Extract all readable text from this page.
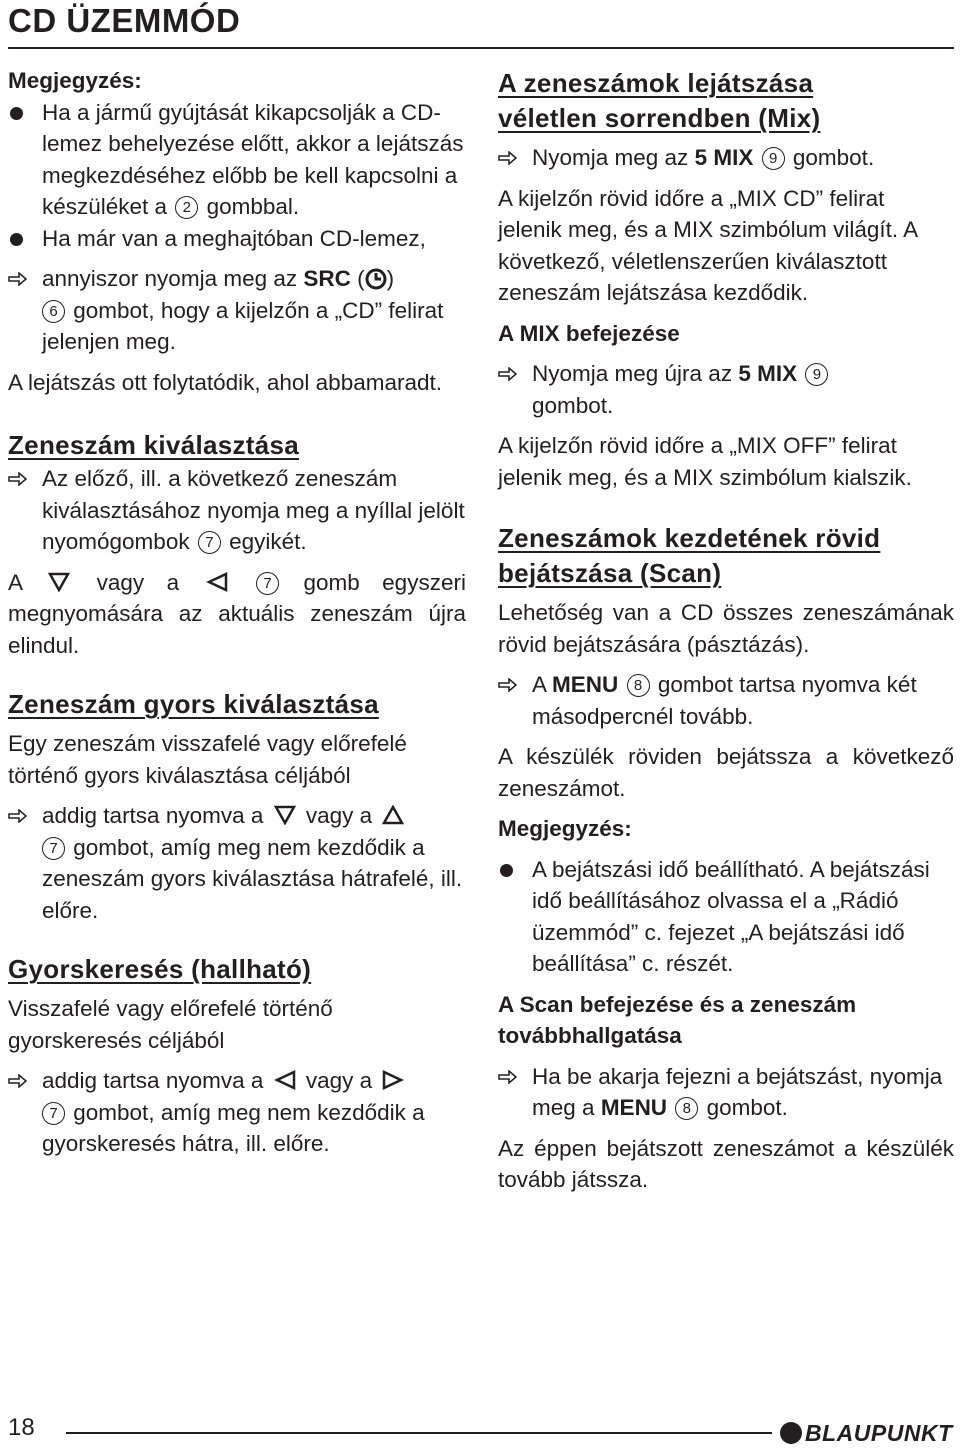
CD ÜZEMMÓD
Megjegyzés:
Ha a jármű gyújtását kikapcsolják a CD-lemez behelyezése előtt, akkor a lejátszás megkezdéséhez előbb be kell kapcsolni a készüléket a 2 gombbal.
Ha már van a meghajtóban CD-lemez,
annyiszor nyomja meg az SRC ( )
6 gombot, hogy a kijelzőn a „CD” felirat jelenjen meg.

A lejátszás ott folytatódik, ahol abbamaradt.

Zeneszám kiválasztása
Az előző, ill. a következő zeneszám kiválasztásához nyomja meg a nyíllal jelölt nyomógombok 7 egyikét.

A	vagy a	7 gomb egyszeri megnyomására az aktuális zeneszám újra elindul.

Zeneszám gyors kiválasztása

Egy zeneszám visszafelé vagy előrefelé történő gyors kiválasztása céljából

addig tartsa nyomva a vagy a
7 gombot, amíg meg nem kezdődik a zeneszám gyors kiválasztása hátrafelé, ill. előre.
Gyorskeresés (hallható)

Visszafelé vagy előrefelé történő gyorskeresés céljából

addig tartsa nyomva a vagy a
7 gombot, amíg meg nem kezdődik a gyorskeresés hátra, ill. előre.
A zeneszámok lejátszása
véletlen sorrendben (Mix)
Nyomja meg az 5 MIX 9 gombot.

A kijelzőn rövid időre a „MIX CD” felirat jelenik meg, és a MIX szimbólum világít. A következő, véletlenszerűen kiválasztott zeneszám lejátszása kezdődik.

A MIX befejezése
Nyomja meg újra az 5 MIX 9
gombot.

A kijelzőn rövid időre a „MIX OFF” felirat jelenik meg, és a MIX szimbólum kialszik.

Zeneszámok kezdetének rövid
bejátszása (Scan)

Lehetőség van a CD összes zeneszámának rövid bejátszására (pásztázás).

A MENU 8 gombot tartsa nyomva két másodpercnél tovább.

A készülék röviden bejátssza a következő zeneszámot.

Megjegyzés:
A bejátszási idő beállítható. A bejátszási idő beállításához olvassa el a „Rádió üzemmód” c. fejezet „A bejátszási idő beállítása” c. részét.
A Scan befejezése és a zeneszám továbbhallgatása
Ha be akarja fejezni a bejátszást, nyomja meg a MENU 8 gombot.

Az éppen bejátszott zeneszámot a készülék tovább játssza.

18	BLAUPUNKT
